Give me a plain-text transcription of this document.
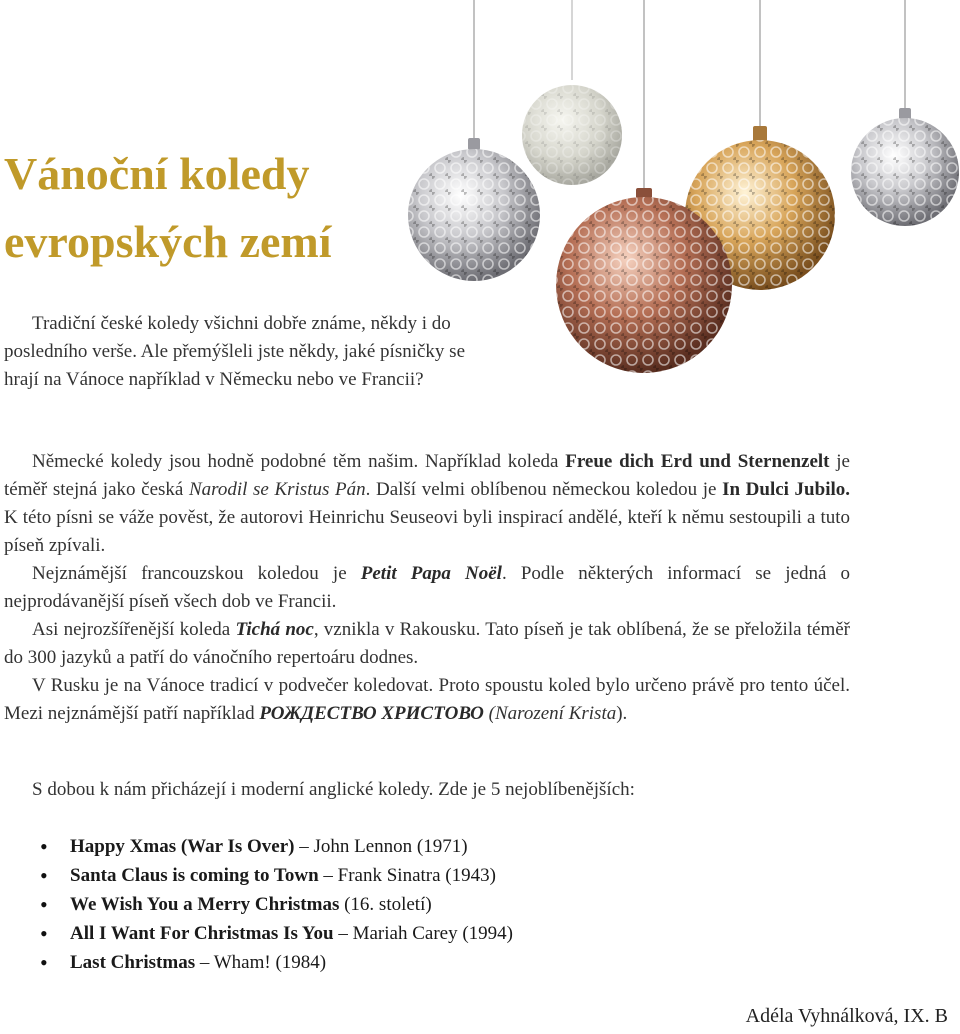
Vánoční koledy
evropských zemí

Tradiční české koledy všichni dobře známe, někdy i do posledního verše. Ale přemýšleli jste někdy, jaké písničky se hrají na Vánoce například v Německu nebo ve Francii?

Německé koledy jsou hodně podobné těm našim. Například koleda Freue dich Erd und Sternenzelt je téměř stejná jako česká Narodil se Kristus Pán. Další velmi oblíbenou německou koledou je In Dulci Jubilo. K této písni se váže pověst, že autorovi Heinrichu Seuseovi byli inspirací andělé, kteří k němu sestoupili a tuto píseň zpívali.

Nejznámější francouzskou koledou je Petit Papa Noël. Podle některých informací se jedná o nejprodávanější píseň všech dob ve Francii.

Asi nejrozšířenější koleda Tichá noc, vznikla v Rakousku. Tato píseň je tak oblíbená, že se přeložila téměř do 300 jazyků a patří do vánočního repertoáru dodnes.

V Rusku je na Vánoce tradicí v podvečer koledovat. Proto spoustu koled bylo určeno právě pro tento účel. Mezi nejznámější patří například РОЖДЕСТВО ХРИСТОВО (Narození Krista).

S dobou k nám přicházejí i moderní anglické koledy. Zde je 5 nejoblíbenějších:
• Happy Xmas (War Is Over) – John Lennon (1971)
• Santa Claus is coming to Town – Frank Sinatra (1943)
• We Wish You a Merry Christmas (16. století)
• All I Want For Christmas Is You – Mariah Carey (1994)
• Last Christmas – Wham! (1984)
Adéla Vyhnálková, IX. B
